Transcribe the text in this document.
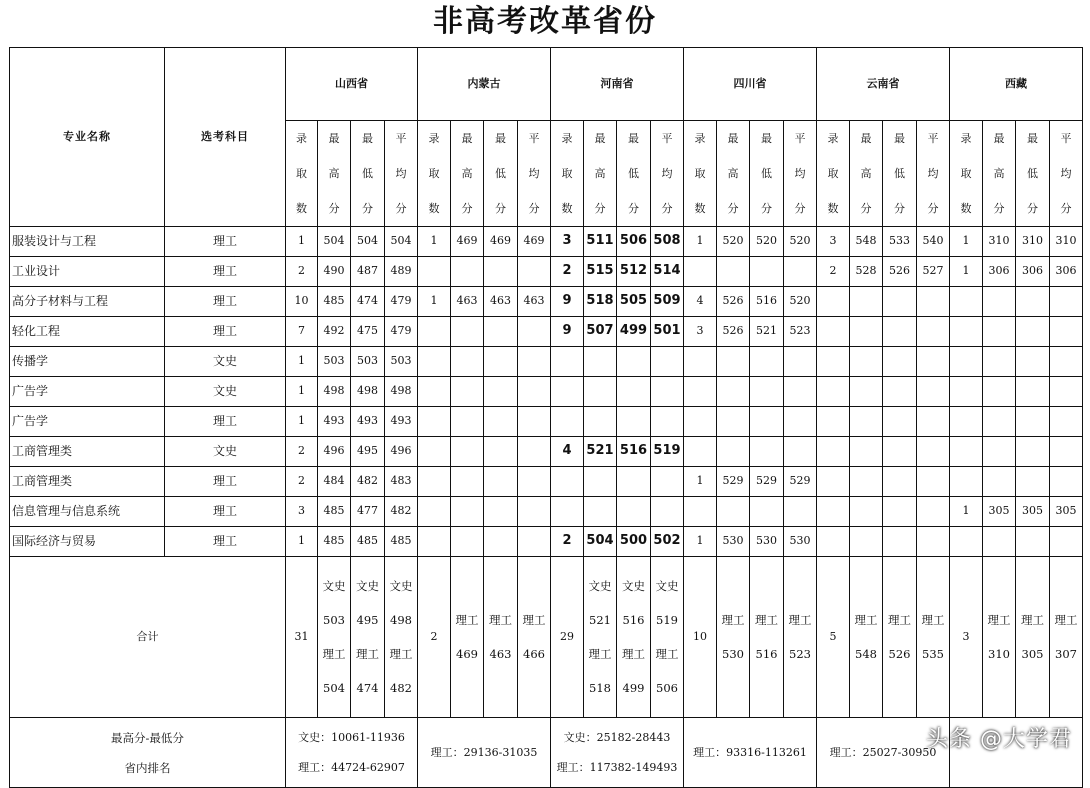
非高考改革省份
专业名称	选考科目	山西省				内蒙古				河南省				四川省				云南省				西藏			

		录
取
数	最
高
分	最
低
分	平
均
分	录
取
数	最
高
分	最
低
分	平
均
分	录
取
数	最
高
分	最
低
分	平
均
分	录
取
数	最
高
分	最
低
分	平
均
分	录
取
数	最
高
分	最
低
分	平
均
分	录
取
数	最
高
分	最
低
分	平
均
分

服装设计与工程	理工	1	504	504	504	1	469	469	469	3	511	506	508	1	520	520	520	3	548	533	540	1	310	310	310
工业设计	理工	2	490	487	489					2	515	512	514					2	528	526	527	1	306	306	306
高分子材料与工程	理工	10	485	474	479	1	463	463	463	9	518	505	509	4	526	516	520								
轻化工程	理工	7	492	475	479					9	507	499	501	3	526	521	523								
传播学	文史	1	503	503	503																				
广告学	文史	1	498	498	498																				
广告学	理工	1	493	493	493																				
工商管理类	文史	2	496	495	496					4	521	516	519												
工商管理类	理工	2	484	482	483									1	529	529	529								
信息管理与信息系统	理工	3	485	477	482																	1	305	305	305
国际经济与贸易	理工	1	485	485	485					2	504	500	502	1	530	530	530								
合计		31	文史
503
理工
504	文史
495
理工
474	文史
498
理工
482	2	理工
469	理工
463	理工
466	29	文史
521
理工
518	文史
516
理工
499	文史
519
理工
506	10	理工
530	理工
516	理工
523	5	理工
548	理工
526	理工
535	3	理工
310	理工
305	理工
307

最高分-最低分
省内排名		文史：10061-11936
理工：44724-62907				理工：29136-31035				文史：25182-28443
理工：117382-149493				理工：93316-113261				理工：25027-30950							

头条 @大学君
